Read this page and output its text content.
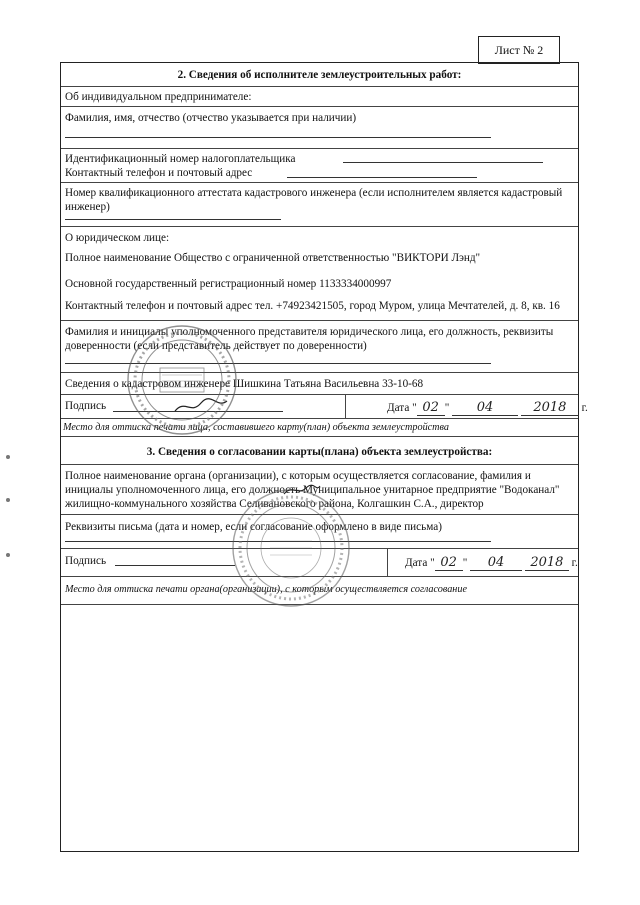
Лист № 2
2. Сведения об исполнителе землеустроительных работ:
Об индивидуальном предпринимателе:
Фамилия, имя, отчество (отчество указывается при наличии)
Идентификационный номер налогоплательщика
Контактный телефон и почтовый адрес
Номер квалификационного аттестата кадастрового инженера (если исполнителем является кадастровый инженер)
О юридическом лице:
Полное наименование Общество с ограниченной ответственностью "ВИКТОРИ Лэнд"
Основной государственный регистрационный номер 1133334000997
Контактный телефон и почтовый адрес тел. +74923421505, город Муром, улица Мечтателей, д. 8, кв. 16
Фамилия и инициалы уполномоченного представителя юридического лица, его должность, реквизиты доверенности (если представитель действует по доверенности)
Сведения о кадастровом инженере Шишкина Татьяна Васильевна 33-10-68
Подпись	Дата " 02 " 04	2018 г.
Место для оттиска печати лица, составившего карту(план) объекта землеустройства
3. Сведения о согласовании карты(плана) объекта землеустройства:
Полное наименование органа (организации), с которым осуществляется согласование, фамилия и инициалы уполномоченного лица, его должность Муниципальное унитарное предприятие "Водоканал" жилищно-коммунального хозяйства Селивановского района, Колгашкин С.А., директор
Реквизиты письма (дата и номер, если согласование оформлено в виде письма)
Подпись	Дата " 02 " 04 2018 г.
Место для оттиска печати органа(организации), с которым осуществляется согласование
